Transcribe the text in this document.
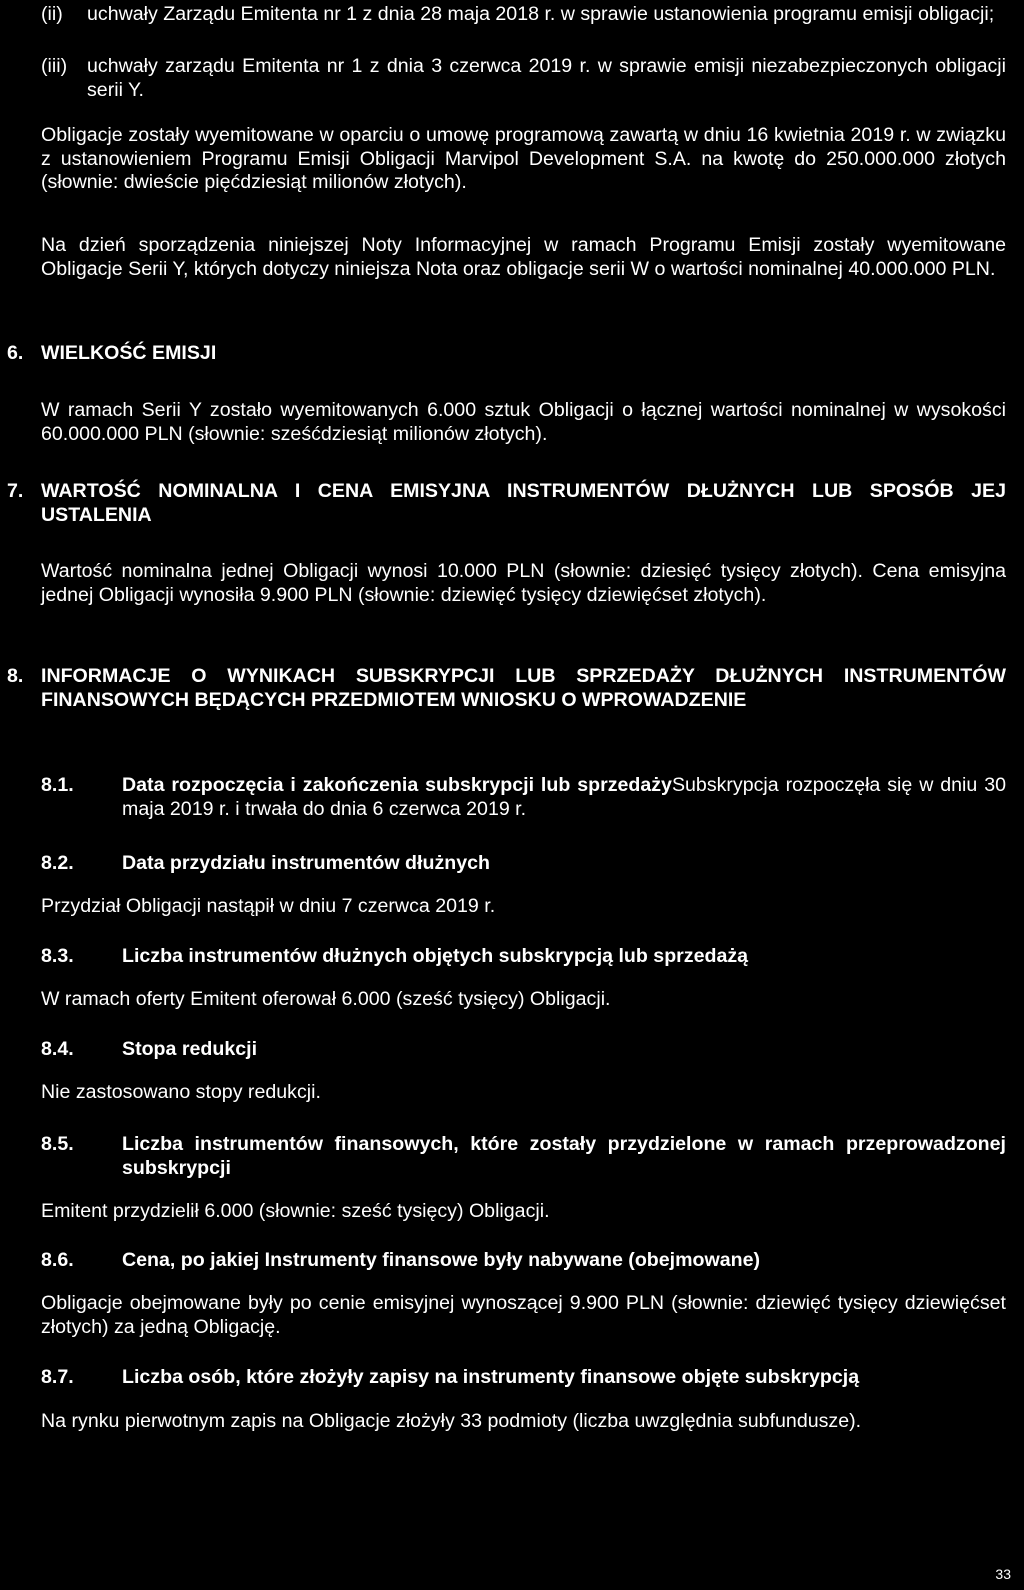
(ii) uchwały Zarządu Emitenta nr 1 z dnia 28 maja 2018 r. w sprawie ustanowienia programu emisji obligacji;

(iii) uchwały zarządu Emitenta nr 1 z dnia 3 czerwca 2019 r. w sprawie emisji niezabezpieczonych obligacji serii Y.

Obligacje zostały wyemitowane w oparciu o umowę programową zawartą w dniu 16 kwietnia 2019 r. w związku z ustanowieniem Programu Emisji Obligacji Marvipol Development S.A. na kwotę do 250.000.000 złotych (słownie: dwieście pięćdziesiąt milionów złotych).

Na dzień sporządzenia niniejszej Noty Informacyjnej w ramach Programu Emisji zostały wyemitowane Obligacje Serii Y, których dotyczy niniejsza Nota oraz obligacje serii W o wartości nominalnej 40.000.000 PLN.

6. WIELKOŚĆ EMISJI

W ramach Serii Y zostało wyemitowanych 6.000 sztuk Obligacji o łącznej wartości nominalnej w wysokości 60.000.000 PLN (słownie: sześćdziesiąt milionów złotych).

7. WARTOŚĆ NOMINALNA I CENA EMISYJNA INSTRUMENTÓW DŁUŻNYCH LUB SPOSÓB JEJ USTALENIA

Wartość nominalna jednej Obligacji wynosi 10.000 PLN (słownie: dziesięć tysięcy złotych). Cena emisyjna jednej Obligacji wynosiła 9.900 PLN (słownie: dziewięć tysięcy dziewięćset złotych).

8. INFORMACJE O WYNIKACH SUBSKRYPCJI LUB SPRZEDAŻY DŁUŻNYCH INSTRUMENTÓW FINANSOWYCH BĘDĄCYCH PRZEDMIOTEM WNIOSKU O WPROWADZENIE
8.1. Data rozpoczęcia i zakończenia subskrypcji lub sprzedażySubskrypcja rozpoczęła się w dniu 30 maja 2019 r. i trwała do dnia 6 czerwca 2019 r.
8.2. Data przydziału instrumentów dłużnych

Przydział Obligacji nastąpił w dniu 7 czerwca 2019 r.

8.3. Liczba instrumentów dłużnych objętych subskrypcją lub sprzedażą

W ramach oferty Emitent oferował 6.000 (sześć tysięcy) Obligacji.

8.4. Stopa redukcji

Nie zastosowano stopy redukcji.

8.5. Liczba instrumentów finansowych, które zostały przydzielone w ramach przeprowadzonej subskrypcji

Emitent przydzielił 6.000 (słownie: sześć tysięcy) Obligacji.

8.6. Cena, po jakiej Instrumenty finansowe były nabywane (obejmowane)

Obligacje obejmowane były po cenie emisyjnej wynoszącej 9.900 PLN (słownie: dziewięć tysięcy dziewięćset złotych) za jedną Obligację.

8.7. Liczba osób, które złożyły zapisy na instrumenty finansowe objęte subskrypcją

Na rynku pierwotnym zapis na Obligacje złożyły 33 podmioty (liczba uwzględnia subfundusze).

33
